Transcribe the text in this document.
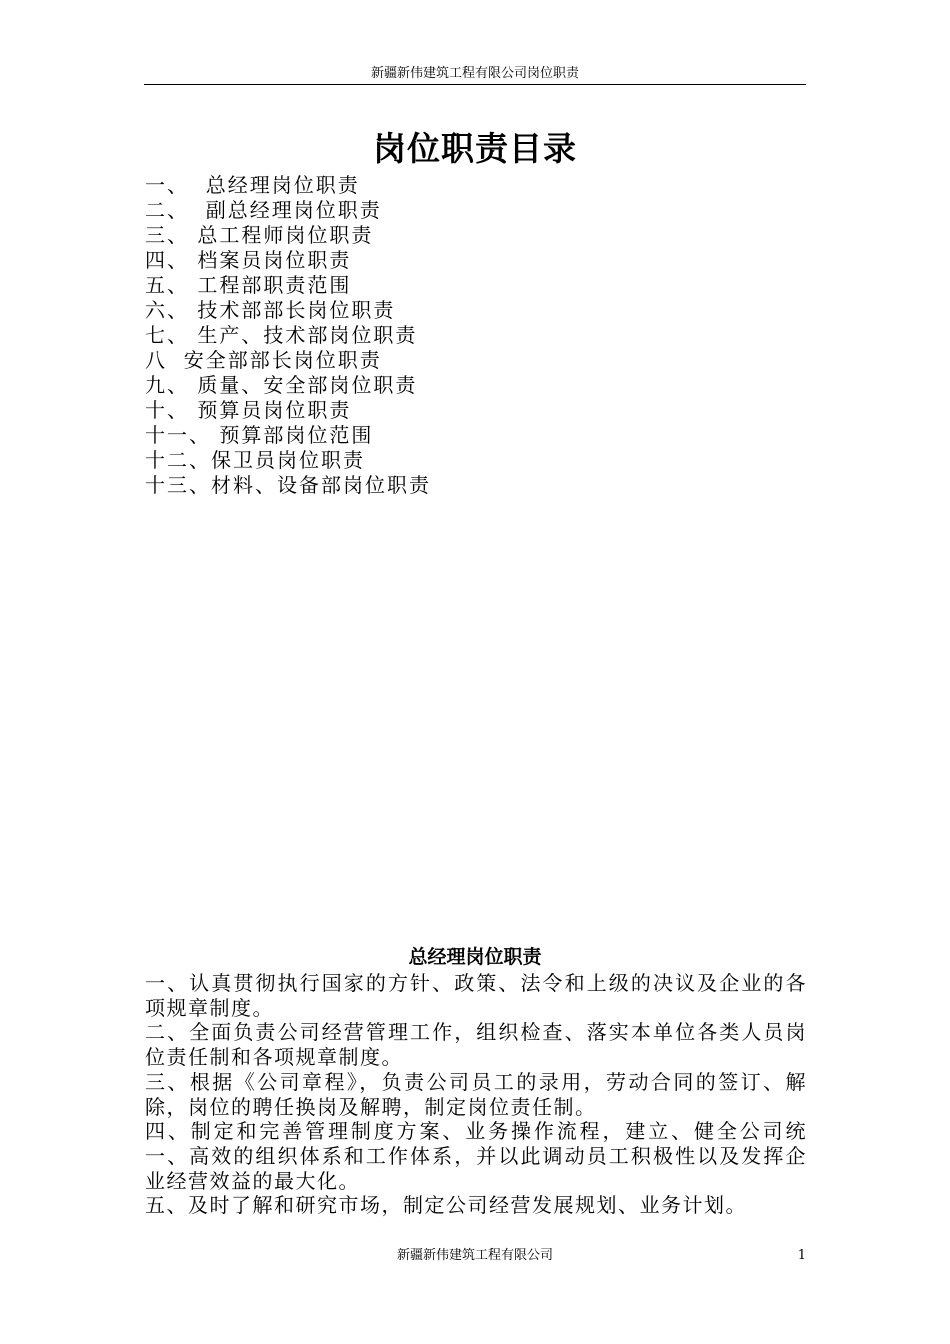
新疆新伟建筑工程有限公司岗位职责
岗位职责目录
一、  总经理岗位职责
二、  副总经理岗位职责
三、 总工程师岗位职责
四、 档案员岗位职责
五、 工程部职责范围
六、 技术部部长岗位职责
七、 生产、技术部岗位职责
八  安全部部长岗位职责
九、 质量、安全部岗位职责
十、 预算员岗位职责
十一、 预算部岗位范围
十二、保卫员岗位职责
十三、材料、设备部岗位职责
总经理岗位职责

一、认真贯彻执行国家的方针、政策、法令和上级的决议及企业的各项规章制度。

二、全面负责公司经营管理工作，组织检查、落实本单位各类人员岗位责任制和各项规章制度。

三、根据《公司章程》，负责公司员工的录用，劳动合同的签订、解除，岗位的聘任换岗及解聘，制定岗位责任制。

四、制定和完善管理制度方案、业务操作流程，建立、健全公司统一、高效的组织体系和工作体系，并以此调动员工积极性以及发挥企业经营效益的最大化。

五、及时了解和研究市场，制定公司经营发展规划、业务计划。

新疆新伟建筑工程有限公司	1
